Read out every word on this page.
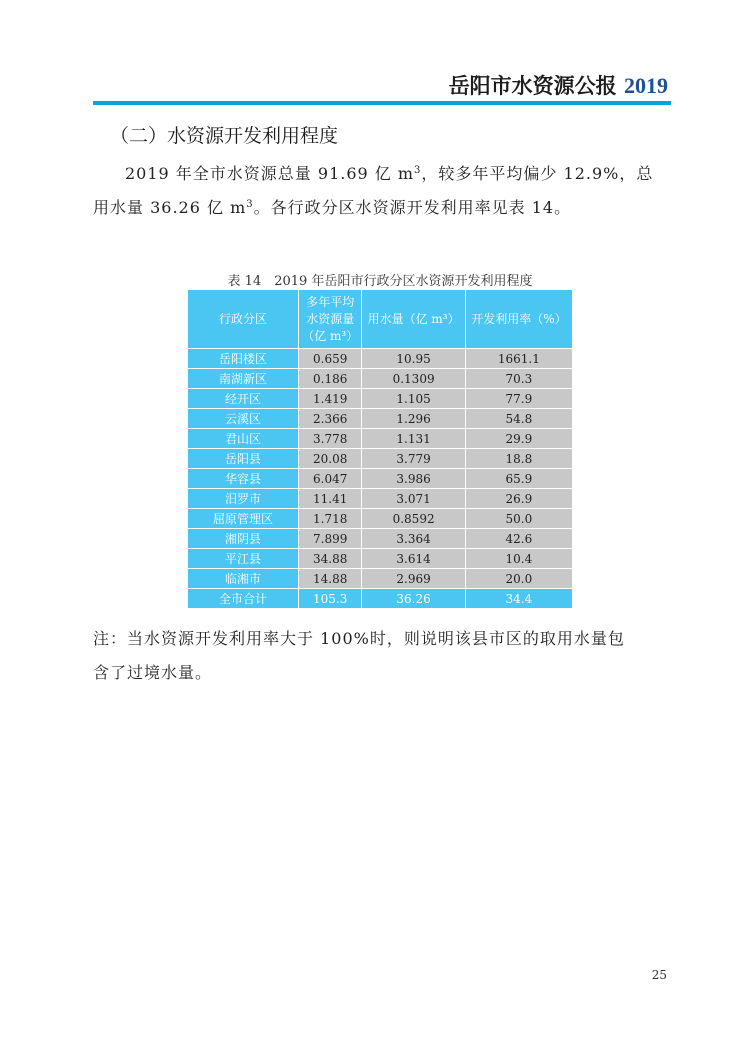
岳阳市水资源公报 2019
（二）水资源开发利用程度

2019 年全市水资源总量 91.69 亿 $m^3$，较多年平均偏少 12.9%，总

用水量 36.26 亿 $m^3$。各行政分区水资源开发利用率见表 14。

表 14　2019 年岳阳市行政分区水资源开发利用程度
行政分区	多年平均
水资源量
（亿 m³）	用水量（亿 m³）	开发利用率（%）
岳阳楼区	0.659	10.95	1661.1
南湖新区	0.186	0.1309	70.3
经开区	1.419	1.105	77.9
云溪区	2.366	1.296	54.8
君山区	3.778	1.131	29.9
岳阳县	20.08	3.779	18.8
华容县	6.047	3.986	65.9
汨罗市	11.41	3.071	26.9
屈原管理区	1.718	0.8592	50.0
湘阴县	7.899	3.364	42.6
平江县	34.88	3.614	10.4
临湘市	14.88	2.969	20.0
全市合计	105.3	36.26	34.4

注：当水资源开发利用率大于 100%时，则说明该县市区的取用水量包

含了过境水量。

25
